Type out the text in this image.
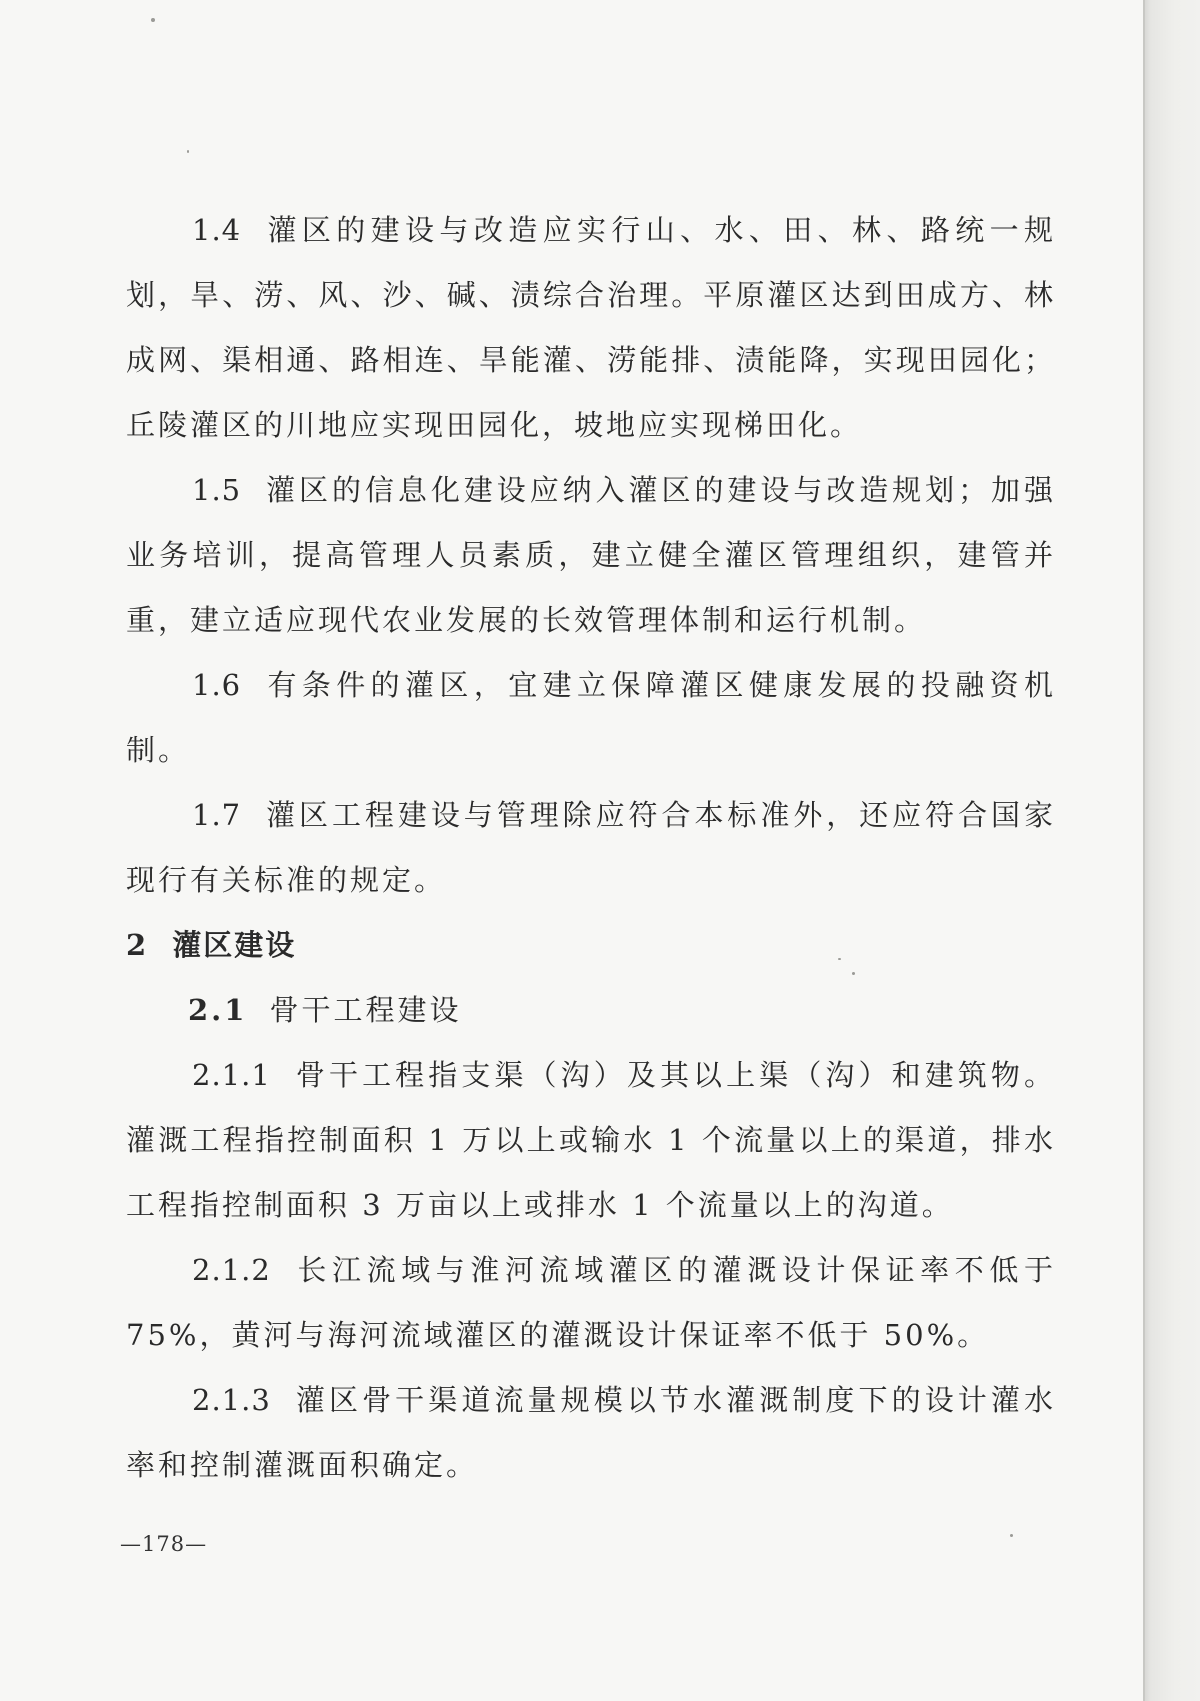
1.4 灌区的建设与改造应实行山、水、田、林、路统一规划，旱、涝、风、沙、碱、渍综合治理。平原灌区达到田成方、林成网、渠相通、路相连、旱能灌、涝能排、渍能降，实现田园化；丘陵灌区的川地应实现田园化，坡地应实现梯田化。

1.5 灌区的信息化建设应纳入灌区的建设与改造规划；加强业务培训，提高管理人员素质，建立健全灌区管理组织，建管并重，建立适应现代农业发展的长效管理体制和运行机制。

1.6 有条件的灌区，宜建立保障灌区健康发展的投融资机制。

1.7 灌区工程建设与管理除应符合本标准外，还应符合国家现行有关标准的规定。

2 灌区建设

2.1 骨干工程建设

2.1.1 骨干工程指支渠（沟）及其以上渠（沟）和建筑物。灌溉工程指控制面积 1 万以上或输水 1 个流量以上的渠道，排水工程指控制面积 3 万亩以上或排水 1 个流量以上的沟道。

2.1.2 长江流域与淮河流域灌区的灌溉设计保证率不低于75%，黄河与海河流域灌区的灌溉设计保证率不低于 50%。

2.1.3 灌区骨干渠道流量规模以节水灌溉制度下的设计灌水率和控制灌溉面积确定。

—178—
